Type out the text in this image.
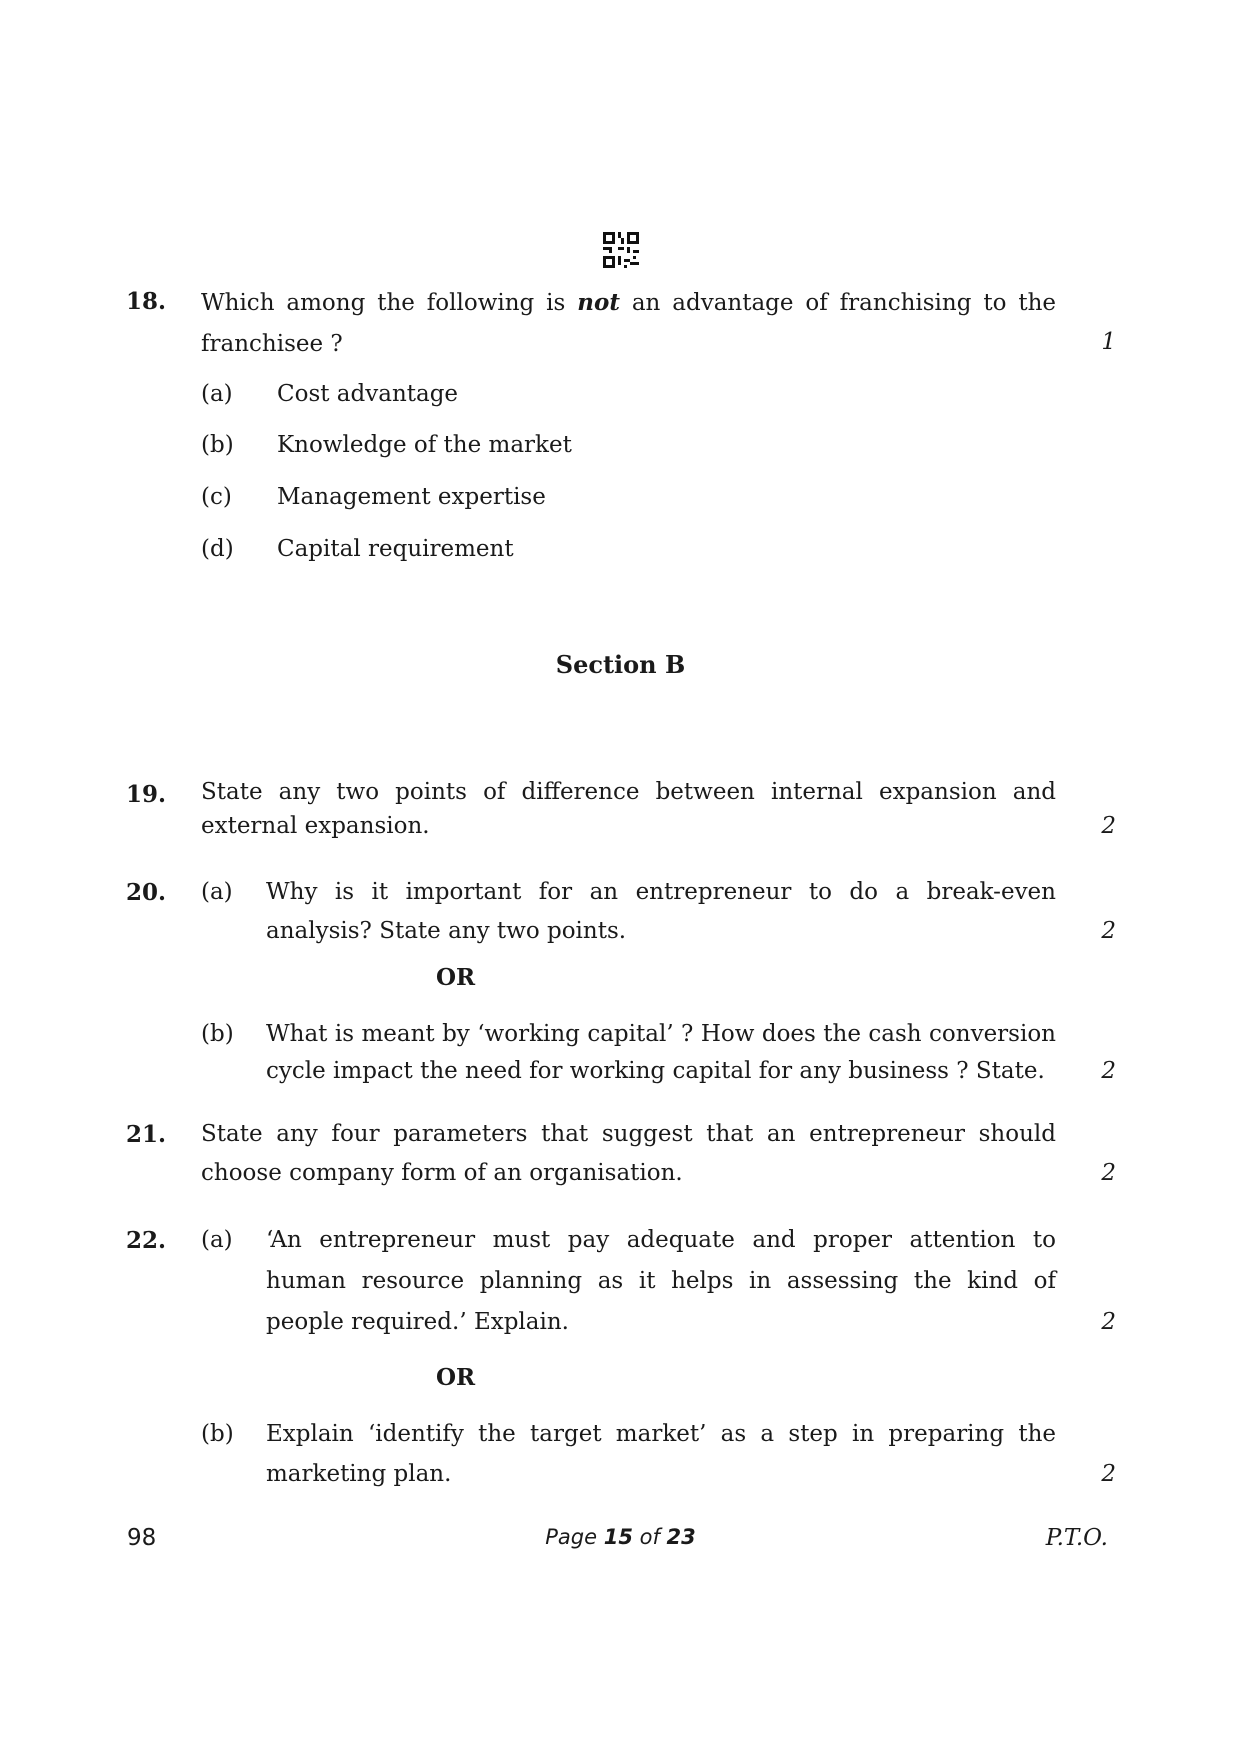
18. Which among the following is not an advantage of franchising to the franchisee ?	1
(a) Cost advantage
(b) Knowledge of the market
(c) Management expertise
(d) Capital requirement
Section B
19. State any two points of difference between internal expansion and external expansion.	2
20. (a) Why is it important for an entrepreneur to do a break-even analysis? State any two points.	2
OR
(b) What is meant by ‘working capital’ ? How does the cash conversion cycle impact the need for working capital for any business ? State.	2
21. State any four parameters that suggest that an entrepreneur should choose company form of an organisation.	2
22. (a) ‘An entrepreneur must pay adequate and proper attention to human resource planning as it helps in assessing the kind of people required.’ Explain.	2
OR
(b) Explain ‘identify the target market’ as a step in preparing the marketing plan.	2
98	Page 15 of 23	P.T.O.
